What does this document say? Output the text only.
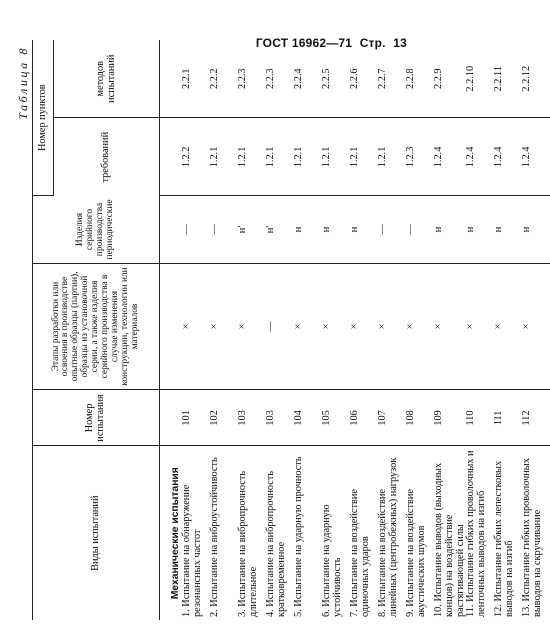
ГОСТ 16962—71 Стр. 13
Таблица 8
Виды испытаний	Номер испытания	Этапы разработки или освоения в производстве опытные образцы (партии), образцы из установочной серии, а также изделия серийного производства в случае изменения конструкции, технологии или материалов	Изделия серийного производства периодические	Номер пунктов	
				требований	методов испытаний
Механические испытания					
1. Испытание на обнаружение резонансных частот	101	×	—	1.2.2	2.2.1
2. Испытание на виброустойчивость	102	×	—	1.2.1	2.2.2
3. Испытание на вибропрочность длительное	103	×	н'	1.2.1	2.2.3
4. Испытание на вибропрочность кратковременное	103	—	н'	1.2.1	2.2.3
5. Испытание на ударную прочность	104	×	н	1.2.1	2.2.4
6. Испытание на ударную устойчивость	105	×	н	1.2.1	2.2.5
7. Испытание на воздействие одиночных ударов	106	×	н	1.2.1	2.2.6
8. Испытание на воздействие линейных (центробежных) нагрузок	107	×	—	1.2.1	2.2.7
9. Испытание на воздействие акустических шумов	108	×	—	1.2.3	2.2.8
10. Испытание выводов (выходных концов) на воздействие растягивающей силы	109	×	н	1.2.4	2.2.9
11. Испытание гибких проволочных и ленточных выводов на изгиб	110	×	н	1.2.4	2.2.10
12. Испытание гибких лепестковых выводов на изгиб	111	×	н	1.2.4	2.2.11
13. Испытание гибких проволочных выводов на скручивание	112	×	н	1.2.4	2.2.12
